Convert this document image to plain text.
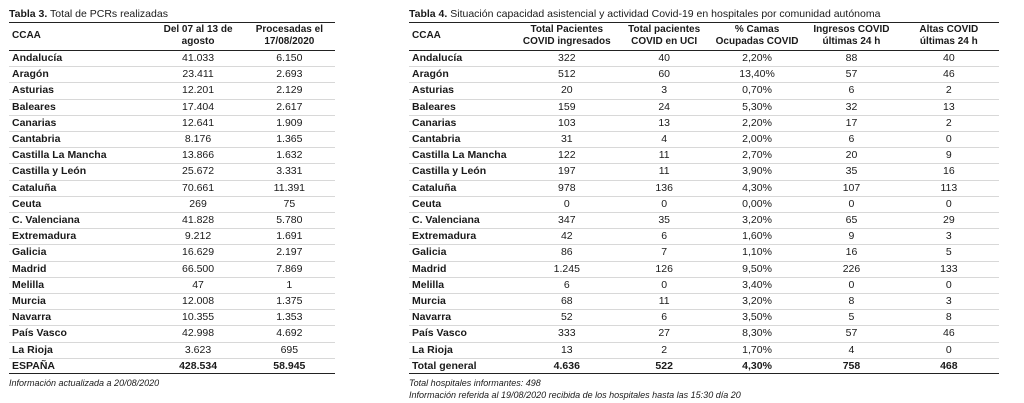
Tabla 3. Total de PCRs realizadas
CCAA	Del 07 al 13 de agosto	Procesadas el 17/08/2020
Andalucía	41.033	6.150
Aragón	23.411	2.693
Asturias	12.201	2.129
Baleares	17.404	2.617
Canarias	12.641	1.909
Cantabria	8.176	1.365
Castilla La Mancha	13.866	1.632
Castilla y León	25.672	3.331
Cataluña	70.661	11.391
Ceuta	269	75
C. Valenciana	41.828	5.780
Extremadura	9.212	1.691
Galicia	16.629	2.197
Madrid	66.500	7.869
Melilla	47	1
Murcia	12.008	1.375
Navarra	10.355	1.353
País Vasco	42.998	4.692
La Rioja	3.623	695
ESPAÑA	428.534	58.945
Información actualizada a 20/08/2020
Tabla 4. Situación capacidad asistencial y actividad Covid-19 en hospitales por comunidad autónoma
CCAA	Total Pacientes COVID ingresados	Total pacientes COVID en UCI	% Camas Ocupadas COVID	Ingresos COVID últimas 24 h	Altas COVID últimas 24 h
Andalucía	322	40	2,20%	88	40
Aragón	512	60	13,40%	57	46
Asturias	20	3	0,70%	6	2
Baleares	159	24	5,30%	32	13
Canarias	103	13	2,20%	17	2
Cantabria	31	4	2,00%	6	0
Castilla La Mancha	122	11	2,70%	20	9
Castilla y León	197	11	3,90%	35	16
Cataluña	978	136	4,30%	107	113
Ceuta	0	0	0,00%	0	0
C. Valenciana	347	35	3,20%	65	29
Extremadura	42	6	1,60%	9	3
Galicia	86	7	1,10%	16	5
Madrid	1.245	126	9,50%	226	133
Melilla	6	0	3,40%	0	0
Murcia	68	11	3,20%	8	3
Navarra	52	6	3,50%	5	8
País Vasco	333	27	8,30%	57	46
La Rioja	13	2	1,70%	4	0
Total general	4.636	522	4,30%	758	468
Total hospitales informantes: 498
Información referida al 19/08/2020 recibida de los hospitales hasta las 15:30 día 20
